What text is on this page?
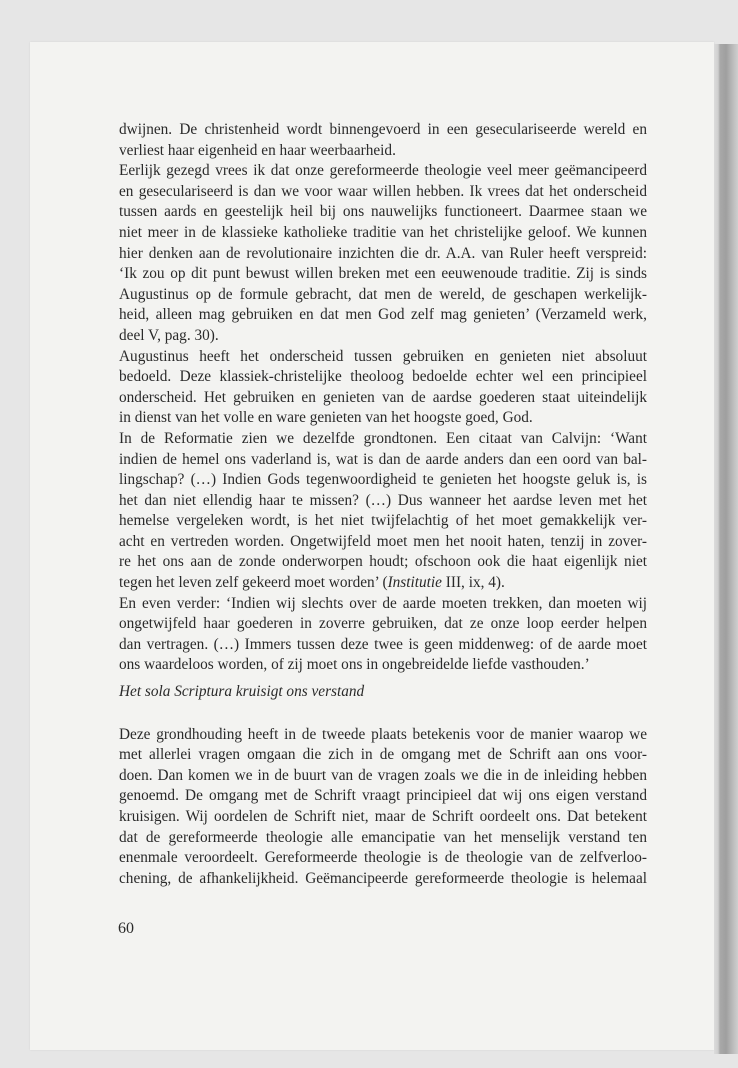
dwijnen. De christenheid wordt binnengevoerd in een geseculariseerde wereld en
verliest haar eigenheid en haar weerbaarheid.
Eerlijk gezegd vrees ik dat onze gereformeerde theologie veel meer geëmancipeerd
en geseculariseerd is dan we voor waar willen hebben. Ik vrees dat het onderscheid
tussen aards en geestelijk heil bij ons nauwelijks functioneert. Daarmee staan we
niet meer in de klassieke katholieke traditie van het christelijke geloof. We kunnen
hier denken aan de revolutionaire inzichten die dr. A.A. van Ruler heeft verspreid:
‘Ik zou op dit punt bewust willen breken met een eeuwenoude traditie. Zij is sinds
Augustinus op de formule gebracht, dat men de wereld, de geschapen werkelijk-
heid, alleen mag gebruiken en dat men God zelf mag genieten’ (Verzameld werk,
deel V, pag. 30).
Augustinus heeft het onderscheid tussen gebruiken en genieten niet absoluut
bedoeld. Deze klassiek-christelijke theoloog bedoelde echter wel een principieel
onderscheid. Het gebruiken en genieten van de aardse goederen staat uiteindelijk
in dienst van het volle en ware genieten van het hoogste goed, God.
In de Reformatie zien we dezelfde grondtonen. Een citaat van Calvijn: ‘Want
indien de hemel ons vaderland is, wat is dan de aarde anders dan een oord van bal-
lingschap? (…) Indien Gods tegenwoordigheid te genieten het hoogste geluk is, is
het dan niet ellendig haar te missen? (…) Dus wanneer het aardse leven met het
hemelse vergeleken wordt, is het niet twijfelachtig of het moet gemakkelijk ver-
acht en vertreden worden. Ongetwijfeld moet men het nooit haten, tenzij in zover-
re het ons aan de zonde onderworpen houdt; ofschoon ook die haat eigenlijk niet
tegen het leven zelf gekeerd moet worden’ (Institutie III, ix, 4).
En even verder: ‘Indien wij slechts over de aarde moeten trekken, dan moeten wij
ongetwijfeld haar goederen in zoverre gebruiken, dat ze onze loop eerder helpen
dan vertragen. (…) Immers tussen deze twee is geen middenweg: of de aarde moet
ons waardeloos worden, of zij moet ons in ongebreidelde liefde vasthouden.’
Het sola Scriptura kruisigt ons verstand
Deze grondhouding heeft in de tweede plaats betekenis voor de manier waarop we
met allerlei vragen omgaan die zich in de omgang met de Schrift aan ons voor-
doen. Dan komen we in de buurt van de vragen zoals we die in de inleiding hebben
genoemd. De omgang met de Schrift vraagt principieel dat wij ons eigen verstand
kruisigen. Wij oordelen de Schrift niet, maar de Schrift oordeelt ons. Dat betekent
dat de gereformeerde theologie alle emancipatie van het menselijk verstand ten
enenmale veroordeelt. Gereformeerde theologie is de theologie van de zelfverloo-
chening, de afhankelijkheid. Geëmancipeerde gereformeerde theologie is helemaal
60
